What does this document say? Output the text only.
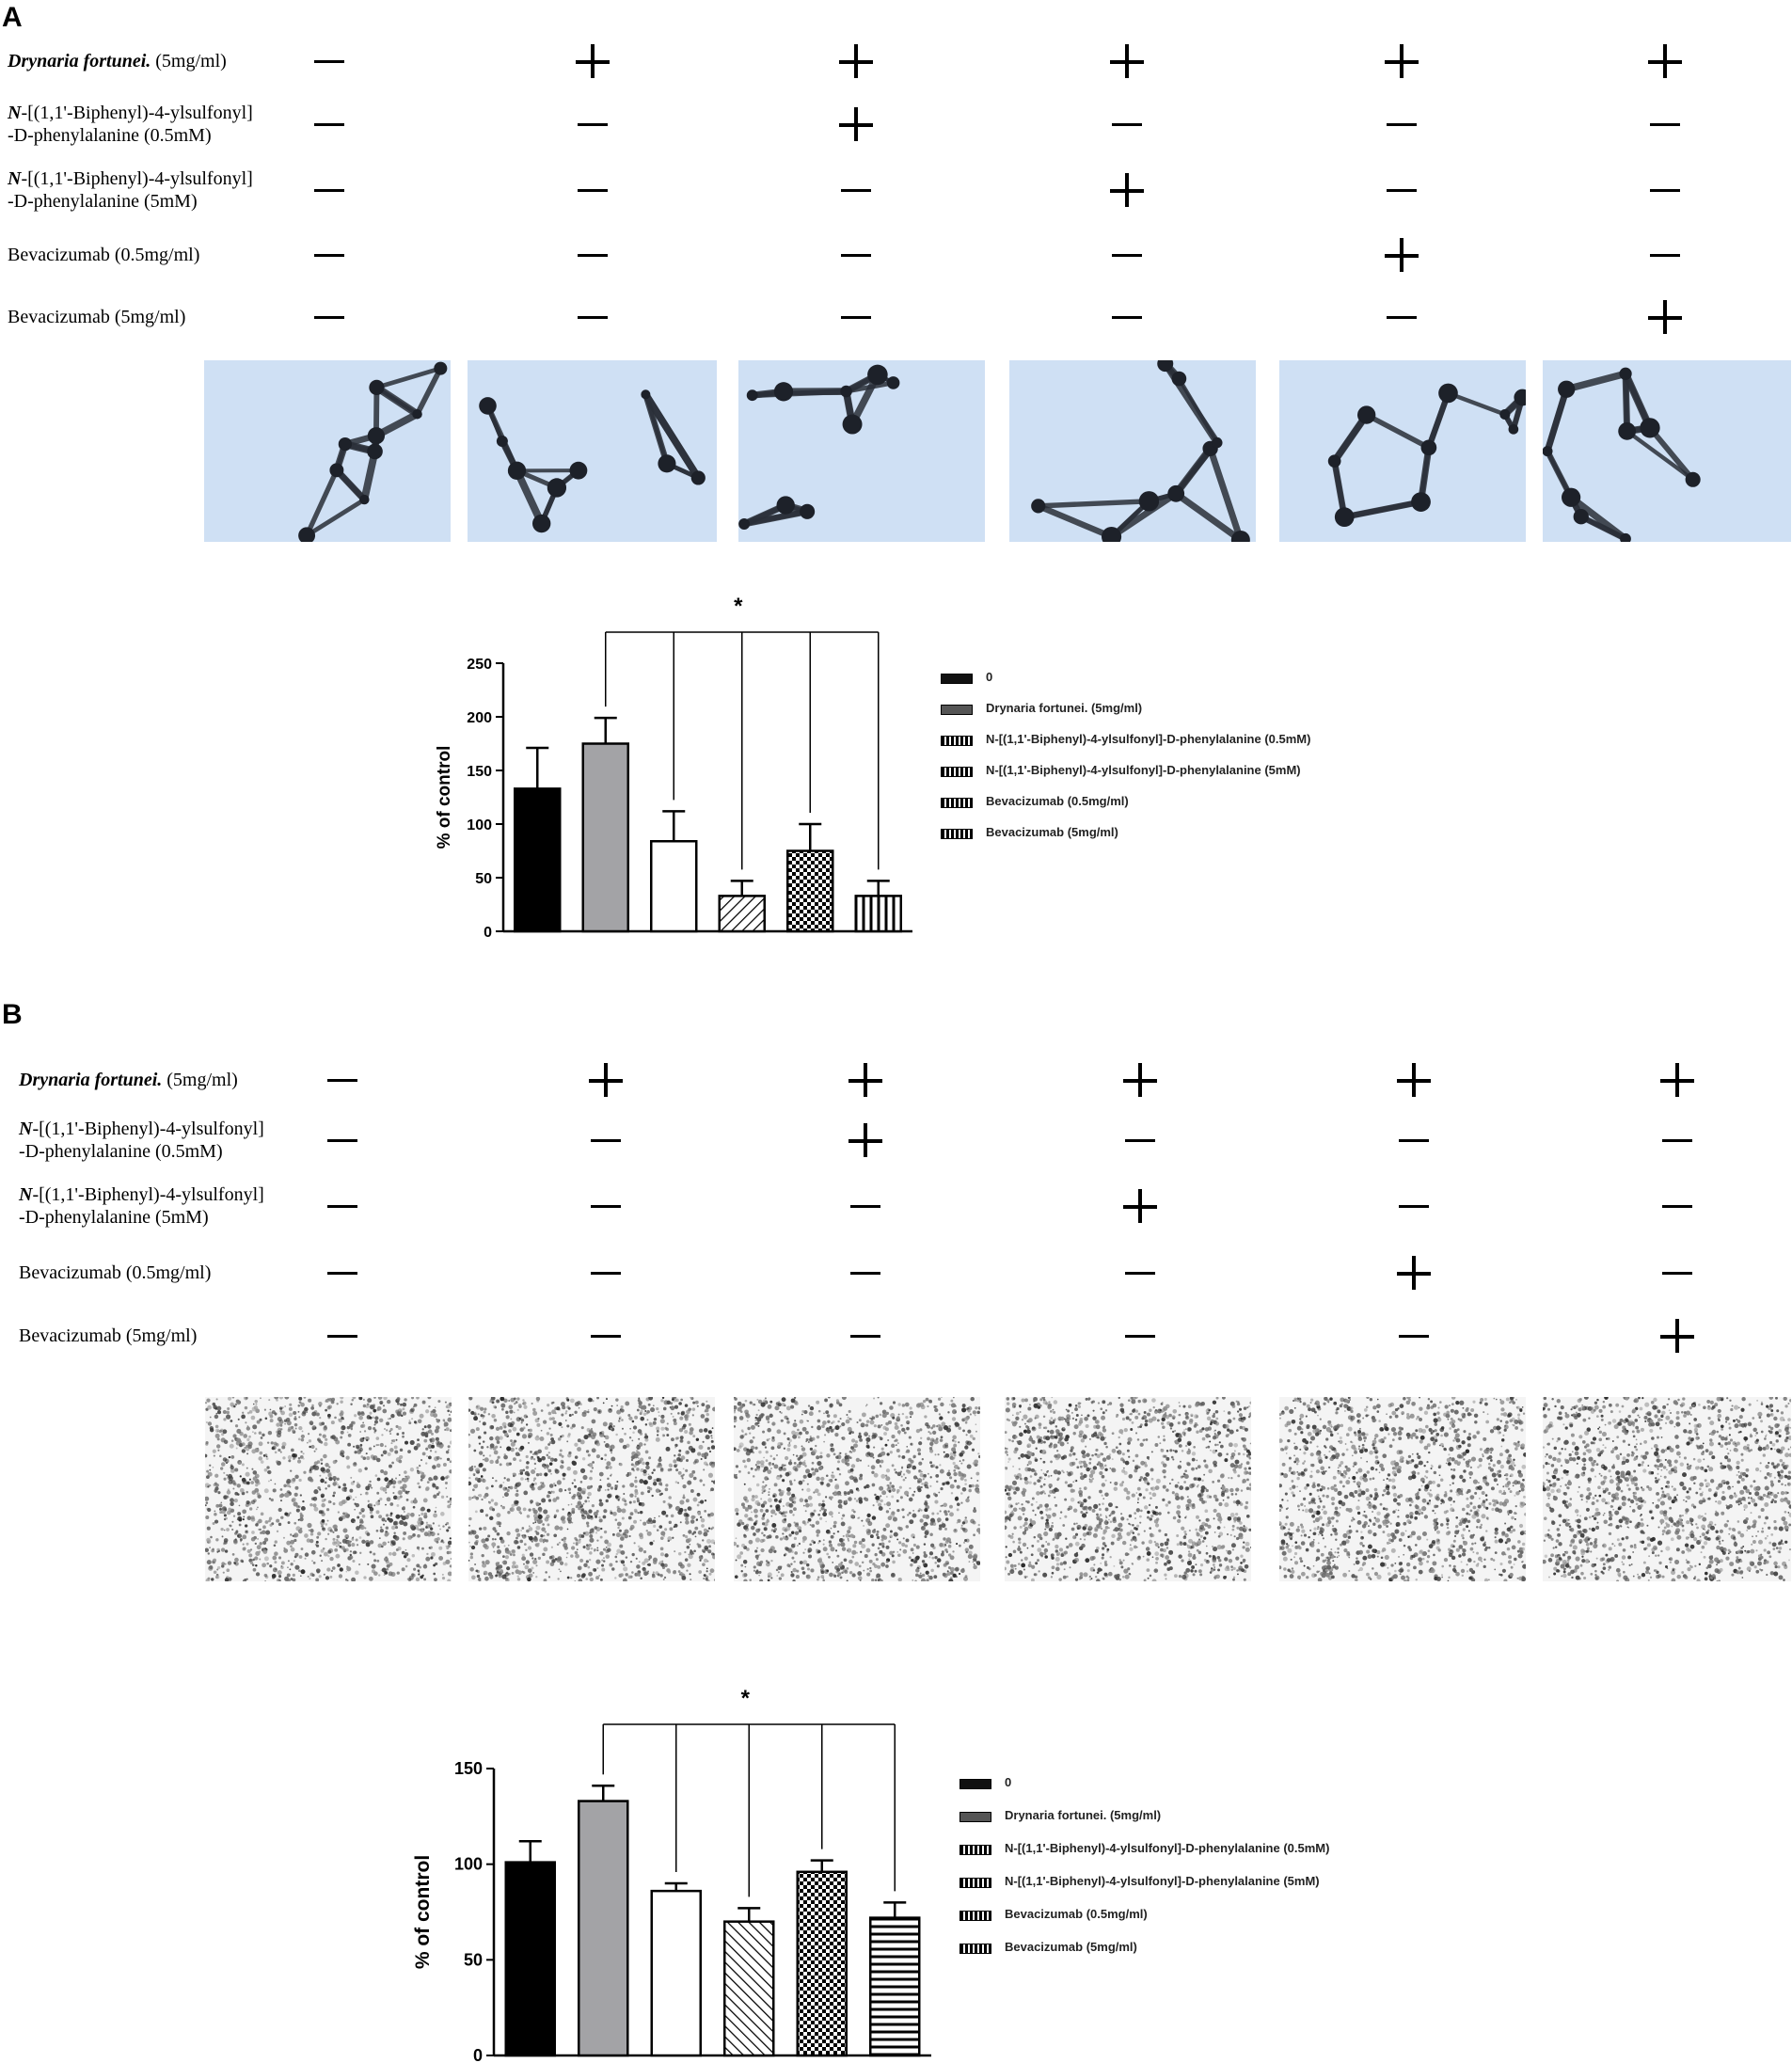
A
B
Drynaria fortunei. (5mg/ml)
N-[(1,1'-Biphenyl)-4-ylsulfonyl]
-D-phenylalanine (0.5mM)
N-[(1,1'-Biphenyl)-4-ylsulfonyl]
-D-phenylalanine (5mM)
Bevacizumab (0.5mg/ml)
Bevacizumab (5mg/ml)
Drynaria fortunei. (5mg/ml)
N-[(1,1'-Biphenyl)-4-ylsulfonyl]
-D-phenylalanine (0.5mM)
N-[(1,1'-Biphenyl)-4-ylsulfonyl]
-D-phenylalanine (5mM)
Bevacizumab (0.5mg/ml)
Bevacizumab (5mg/ml)
0
50
100
150
200
250
% of control
*
0
50
100
150
% of control
*
0
Drynaria fortunei. (5mg/ml)
N-[(1,1'-Biphenyl)-4-ylsulfonyl]-D-phenylalanine (0.5mM)
N-[(1,1'-Biphenyl)-4-ylsulfonyl]-D-phenylalanine (5mM)
Bevacizumab (0.5mg/ml)
Bevacizumab (5mg/ml)
0
Drynaria fortunei. (5mg/ml)
N-[(1,1'-Biphenyl)-4-ylsulfonyl]-D-phenylalanine (0.5mM)
N-[(1,1'-Biphenyl)-4-ylsulfonyl]-D-phenylalanine (5mM)
Bevacizumab (0.5mg/ml)
Bevacizumab (5mg/ml)
